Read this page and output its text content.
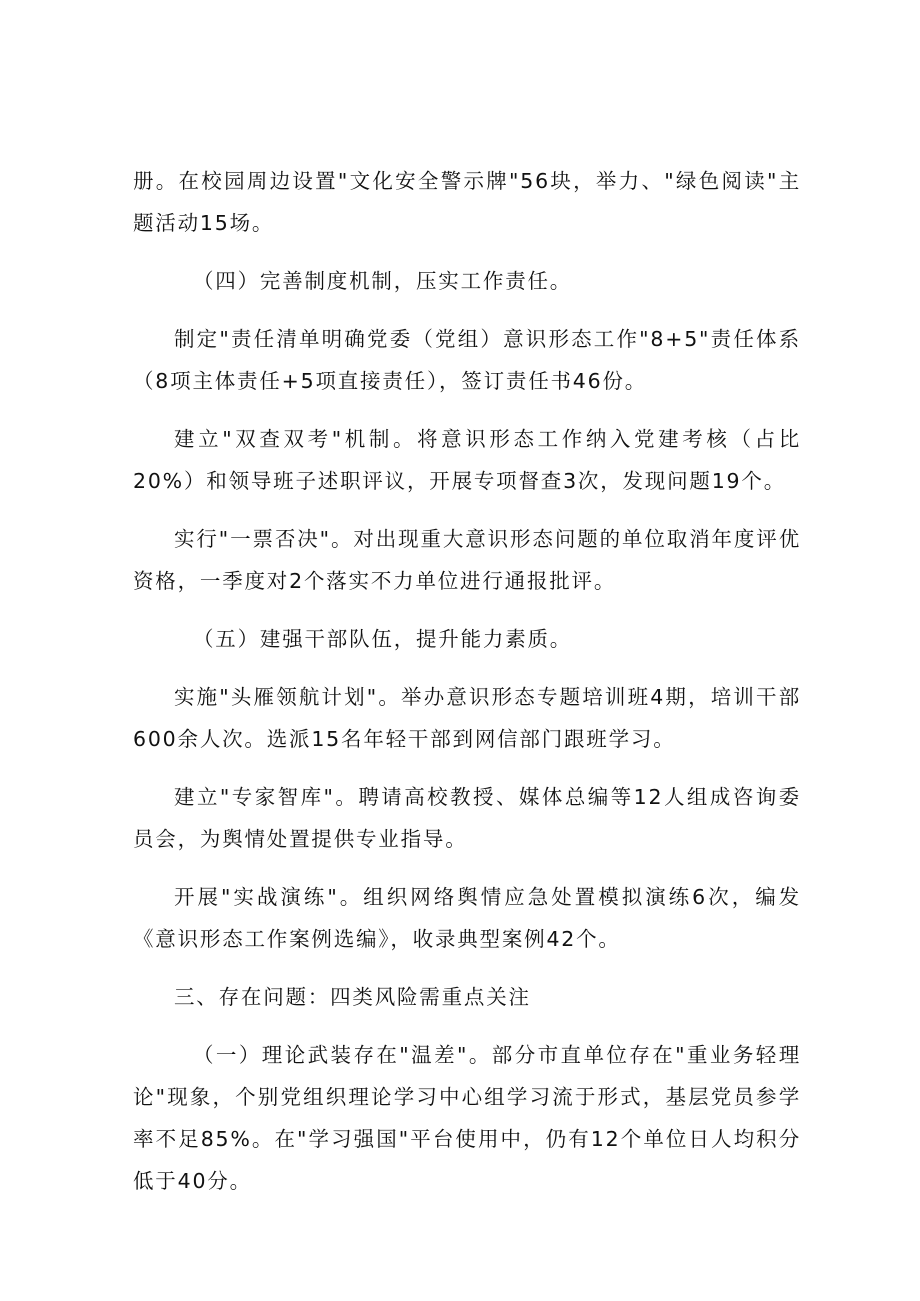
册。在校园周边设置"文化安全警示牌"56块，举力、"绿色阅读"主题活动15场。

（四）完善制度机制，压实工作责任。

制定"责任清单明确党委（党组）意识形态工作"8+5"责任体系（8项主体责任+5项直接责任），签订责任书46份。

建立"双查双考"机制。将意识形态工作纳入党建考核（占比20%）和领导班子述职评议，开展专项督查3次，发现问题19个。

实行"一票否决"。对出现重大意识形态问题的单位取消年度评优资格，一季度对2个落实不力单位进行通报批评。

（五）建强干部队伍，提升能力素质。

实施"头雁领航计划"。举办意识形态专题培训班4期，培训干部600余人次。选派15名年轻干部到网信部门跟班学习。

建立"专家智库"。聘请高校教授、媒体总编等12人组成咨询委员会，为舆情处置提供专业指导。

开展"实战演练"。组织网络舆情应急处置模拟演练6次，编发《意识形态工作案例选编》，收录典型案例42个。

三、存在问题：四类风险需重点关注

（一）理论武装存在"温差"。部分市直单位存在"重业务轻理论"现象，个别党组织理论学习中心组学习流于形式，基层党员参学率不足85%。在"学习强国"平台使用中，仍有12个单位日人均积分低于40分。
